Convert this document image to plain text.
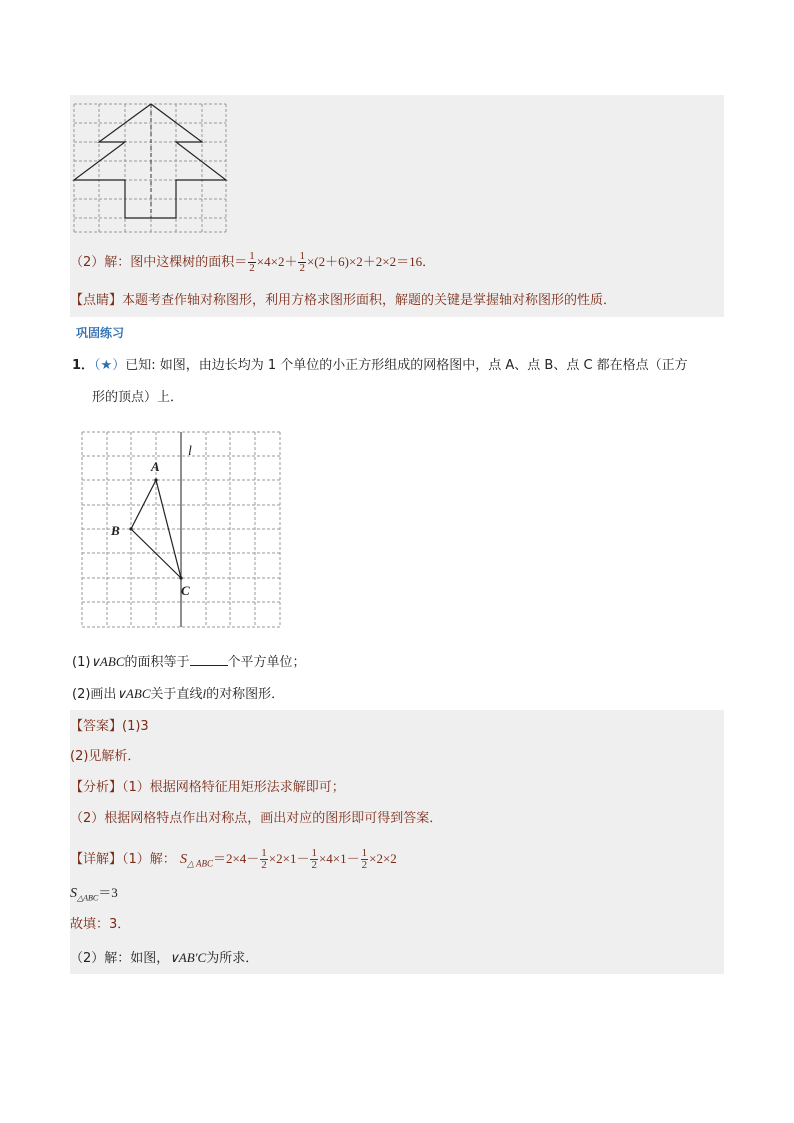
（2）解：图中这棵树的面积＝ $\frac{1}{2} \times 4\times 2+ \frac{1}{2} \times(2+6)\times 2+2\times 2=16$．
【点睛】本题考查作轴对称图形，利用方格求图形面积，解题的关键是掌握轴对称图形的性质．
巩固练习
1．（★）已知: 如图，由边长均为 1 个单位的小正方形组成的网格图中，点 A、点 B、点 C 都在格点（正方
形的顶点）上．
l
A
B
C
(1)∨ABC的面积等于	个平方单位；
(2)画出∨ABC关于直线l的对称图形．
【答案】(1)3
(2)见解析．
【分析】（1）根据网格特征用矩形法求解即可；
（2）根据网格特点作出对称点，画出对应的图形即可得到答案．
【详解】（1）解： $S_{\triangle ABC}=2\times 4- \frac{1}{2} \times 2\times 1- \frac{1}{2} \times 4\times 1- \frac{1}{2} \times 2\times 2$
$S_{\triangle ABC}=3$
故填：3．
（2）解：如图，∨AB′C为所求．
